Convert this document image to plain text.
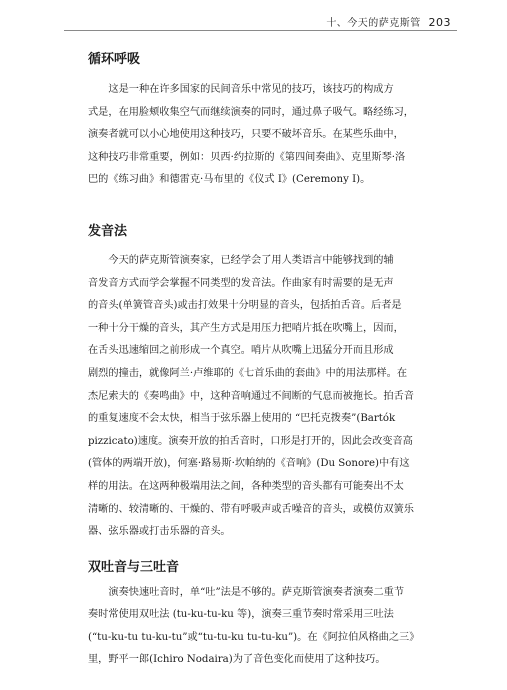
十、今天的萨克斯管 203
循环呼吸

这是一种在许多国家的民间音乐中常见的技巧，该技巧的构成方
式是，在用脸颊收集空气而继续演奏的同时，通过鼻子吸气。略经练习，
演奏者就可以小心地使用这种技巧，只要不破坏音乐。在某些乐曲中，
这种技巧非常重要，例如：贝西·约拉斯的《第四间奏曲》、克里斯琴·洛
巴的《练习曲》和德雷克·马布里的《仪式 I》(Ceremony I)。

发音法

今天的萨克斯管演奏家，已经学会了用人类语言中能够找到的辅
音发音方式而学会掌握不同类型的发音法。作曲家有时需要的是无声
的音头(单簧管音头)或击打效果十分明显的音头，包括拍舌音。后者是
一种十分干燥的音头，其产生方式是用压力把哨片抵在吹嘴上，因而，
在舌头迅速缩回之前形成一个真空。哨片从吹嘴上迅猛分开而且形成
剧烈的撞击，就像阿兰·卢维耶的《七首乐曲的套曲》中的用法那样。在
杰尼索夫的《奏鸣曲》中，这种音响通过不间断的气息而被拖长。拍舌音
的重复速度不会太快，相当于弦乐器上使用的 “巴托克拨奏”(Bartók
pizzicato)速度。演奏开放的拍舌音时，口形是打开的，因此会改变音高
(管体的两端开放)，何塞·路易斯·坎帕纳的《音响》(Du Sonore)中有这
样的用法。在这两种极端用法之间，各种类型的音头都有可能奏出不太
清晰的、较清晰的、干燥的、带有呼吸声或舌噪音的音头，或模仿双簧乐
器、弦乐器或打击乐器的音头。

双吐音与三吐音

演奏快速吐音时，单“吐”法是不够的。萨克斯管演奏者演奏二重节
奏时常使用双吐法 (tu-ku-tu-ku 等)，演奏三重节奏时常采用三吐法
(“tu-ku-tu tu-ku-tu”或“tu-tu-ku tu-tu-ku”)。在《阿拉伯风格曲之三》
里，野平一郎(Ichiro Nodaira)为了音色变化而使用了这种技巧。
